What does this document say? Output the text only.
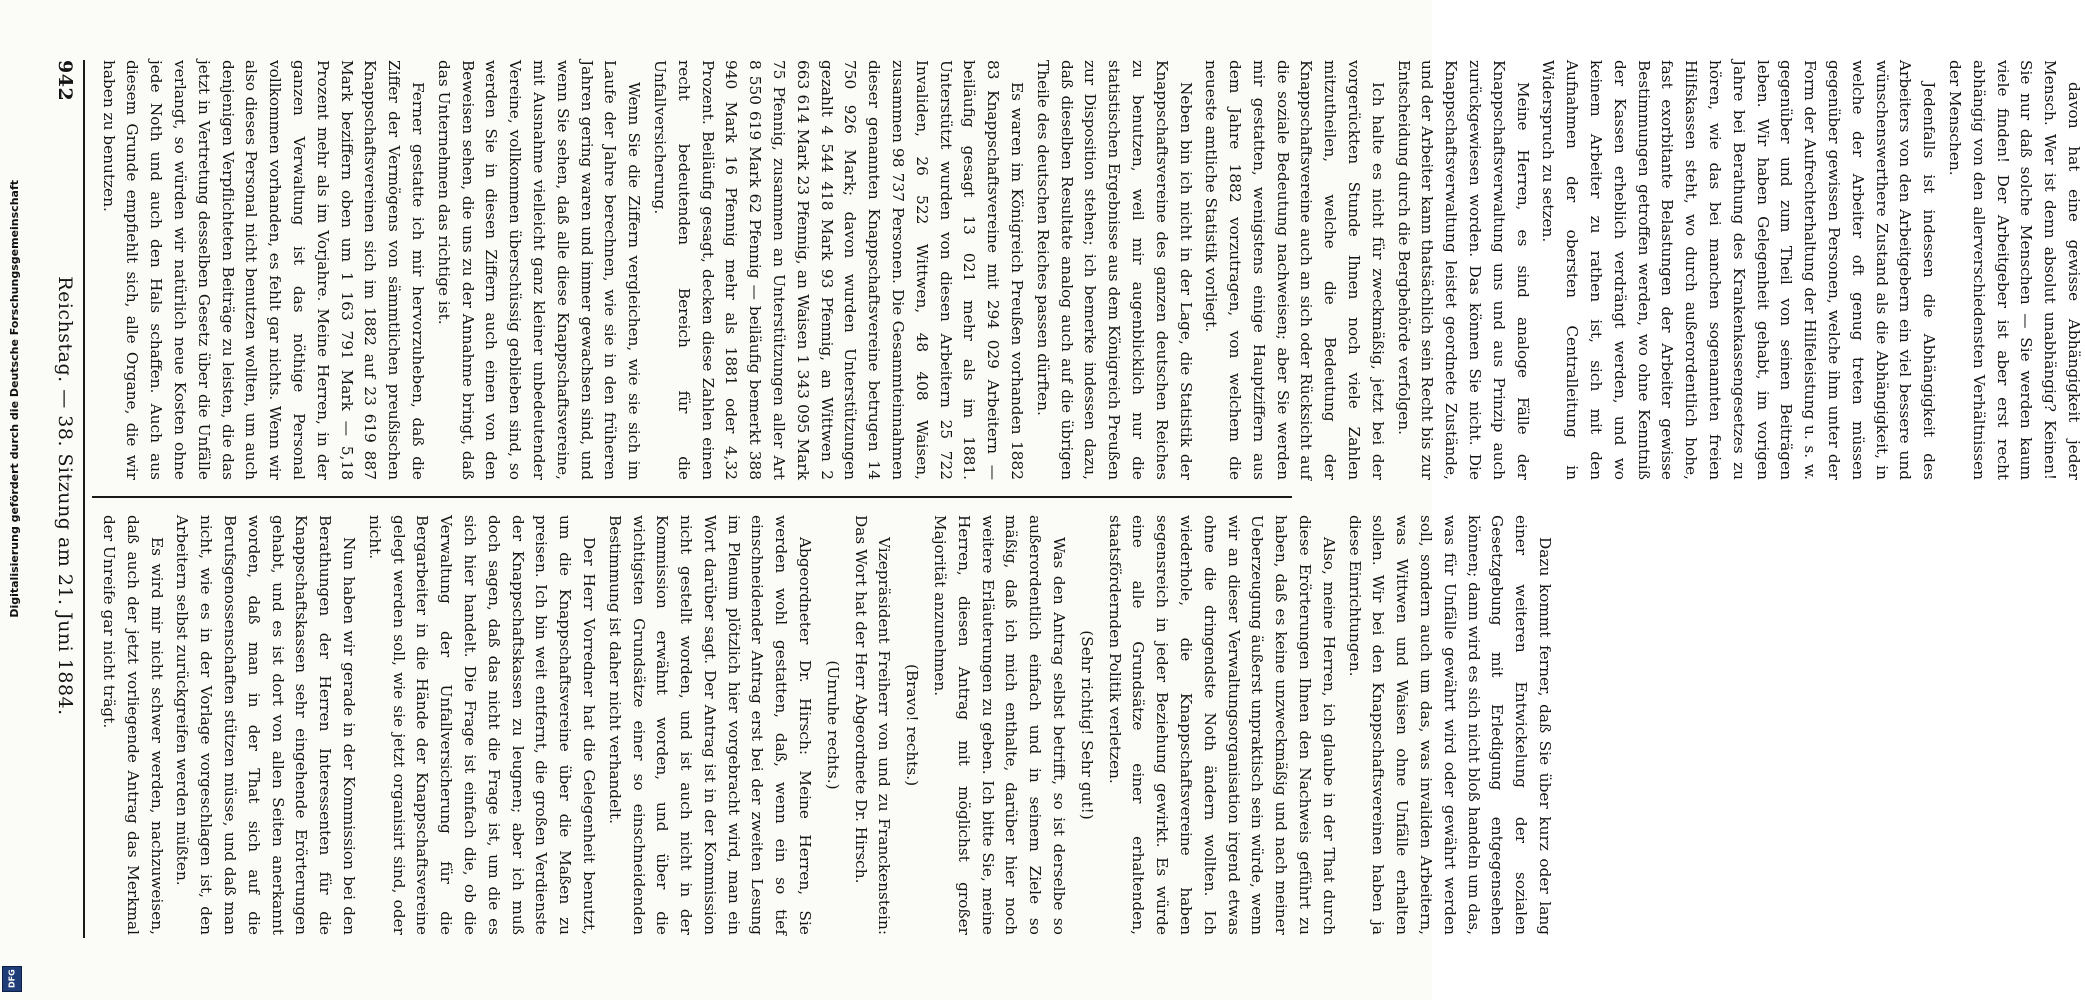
942
Reichstag. — 38. Sitzung am 21. Juni 1884.	davon hat eine gewisse Abhängigkeit jeder Mensch. Wer ist denn absolut unabhängig? Keinen! Sie nur daß solche Menschen — Sie werden kaum viele finden! Der Arbeitgeber ist aber erst recht abhängig von den allerverschiedensten Verhältnissen der Menschen.

Jedenfalls ist indessen die Abhängigkeit des Arbeiters von den Arbeitgebern ein viel bessere und wünschenswerthere Zustand als die Abhängigkeit, in welche der Arbeiter oft genug treten müssen gegenüber gewissen Personen, welche ihm unter der Form der Aufrechterhaltung der Hilfeleistung u. s. w. gegenüber und zum Theil von seinen Beiträgen leben. Wir haben Gelegenheit gehabt, im vorigen Jahre bei Berathung des Krankenkassengesetzes zu hören, wie das bei manchen sogenannten freien Hilfskassen steht, wo durch außerordentlich hohe, fast exorbitante Belastungen der Arbeiter gewisse Bestimmungen getroffen werden, wo ohne Kenntniß der Kassen erheblich verdrängt werden, und wo keinem Arbeiter zu rathen ist, sich mit den Aufnahmen der obersten Centralleitung in Widerspruch zu setzen.

Meine Herren, es sind analoge Fälle der Knappschaftsverwaltung uns und aus Prinzip auch zurückgewiesen worden. Das können Sie nicht. Die Knappschaftsverwaltung leistet geordnete Zustände, und der Arbeiter kann thatsächlich sein Recht bis zur Entscheidung durch die Bergbehörde verfolgen.

Ich halte es nicht für zweckmäßig, jetzt bei der vorgerückten Stunde Ihnen noch viele Zahlen mitzutheilen, welche die Bedeutung der Knappschaftsvereine auch an sich oder Rücksicht auf die soziale Bedeutung nachweisen; aber Sie werden mir gestatten, wenigstens einige Hauptziffern aus dem Jahre 1882 vorzutragen, von welchem die neueste amtliche Statistik vorliegt.

Neben bin ich nicht in der Lage, die Statistik der Knappschaftsvereine des ganzen deutschen Reiches zu benutzen, weil mir augenblicklich nur die statistischen Ergebnisse aus dem Königreich Preußen zur Disposition stehen; ich bemerke indessen dazu, daß dieselben Resultate analog auch auf die übrigen Theile des deutschen Reiches passen dürften.

Es waren im Königreich Preußen vorhanden 1882 83 Knappschaftsvereine mit 294 029 Arbeitern — beiläufig gesagt 13 021 mehr als im 1881. Unterstützt wurden von diesen Arbeitern 25 722 Invaliden, 26 522 Wittwen, 48 408 Waisen, zusammen 98 737 Personen. Die Gesammteinnahmen dieser genannten Knappschaftsvereine betrugen 14 750 926 Mark; davon wurden Unterstützungen gezahlt 4 544 418 Mark 93 Pfennig, an Wittwen 2 663 614 Mark 23 Pfennig, an Waisen 1 343 095 Mark 75 Pfennig, zusammen an Unterstützungen aller Art 8 550 619 Mark 62 Pfennig — beiläufig bemerkt 388 940 Mark 16 Pfennig mehr als 1881 oder 4,32 Prozent. Beiläufig gesagt, decken diese Zahlen einen recht bedeutenden Bereich für die Unfallversicherung.

Wenn Sie die Ziffern vergleichen, wie sie sich im Laufe der Jahre berechnen, wie sie in den früheren Jahren gering waren und immer gewachsen sind, und wenn Sie sehen, daß alle diese Knappschaftsvereine, mit Ausnahme vielleicht ganz kleiner unbedeutender Vereine, vollkommen überschüssig geblieben sind, so werden Sie in diesen Ziffern auch einen von den Beweisen sehen, die uns zu der Annahme bringt, daß das Unternehmen das richtige ist.

Ferner gestatte ich mir hervorzuheben, daß die Ziffer der Vermögens von sämmtlichen preußischen Knappschaftsvereinen sich im 1882 auf 23 619 887 Mark beziffern oben um 1 163 791 Mark — 5,18 Prozent mehr als im Vorjahre. Meine Herren, in der ganzen Verwaltung ist das nöthige Personal vollkommen vorhanden, es fehlt gar nichts. Wenn wir also dieses Personal nicht benutzen wollten, um auch denjenigen Verpflichteten Beiträge zu leisten, die das jetzt in Vertretung desselben Gesetz über die Unfälle verlangt, so würden wir natürlich neue Kosten ohne jede Noth und auch den Hals schaffen. Auch aus diesem Grunde empfiehlt sich, alle Organe, die wir haben zu benutzen.

Dazu kommt ferner, daß Sie über kurz oder lang einer weiteren Entwickelung der sozialen Gesetzgebung mit Erledigung entgegensehen können; dann wird es sich nicht bloß handeln um das, was für Unfälle gewährt wird oder gewährt werden soll, sondern auch um das, was invaliden Arbeitern, was Wittwen und Waisen ohne Unfälle erhalten sollen. Wir bei den Knappschaftsvereinen haben ja diese Einrichtungen.

Also, meine Herren, ich glaube in der That durch diese Erörterungen Ihnen den Nachweis geführt zu haben, daß es keine unzweckmäßig und nach meiner Ueberzeugung äußerst unpraktisch sein würde, wenn wir an dieser Verwaltungsorganisation irgend etwas ohne die dringendste Noth ändern wollten. Ich wiederhole, die Knappschaftsvereine haben segensreich in jeder Beziehung gewirkt. Es würde eine alle Grundsätze einer erhaltenden, staatsfördernden Politik verletzen.

(Sehr richtig! Sehr gut!)

Was den Antrag selbst betrifft, so ist derselbe so außerordentlich einfach und in seinem Ziele so mäßig, daß ich mich enthalte, darüber hier noch weitere Erläuterungen zu geben. Ich bitte Sie, meine Herren, diesen Antrag mit möglichst großer Majorität anzunehmen.

(Bravo! rechts.)

Vizepräsident Freiherr von und zu Franckenstein: Das Wort hat der Herr Abgeordnete Dr. Hirsch.

(Unruhe rechts.)

Abgeordneter Dr. Hirsch: Meine Herren, Sie werden wohl gestatten, daß, wenn ein so tief einschneidender Antrag erst bei der zweiten Lesung im Plenum plötzlich hier vorgebracht wird, man ein Wort darüber sagt. Der Antrag ist in der Kommission nicht gestellt worden, und ist auch nicht in der Kommission erwähnt worden, und über die wichtigsten Grundsätze einer so einschneidenden Bestimmung ist daher nicht verhandelt.

Der Herr Vorredner hat die Gelegenheit benutzt, um die Knappschaftsvereine über die Maßen zu preisen. Ich bin weit entfernt, die großen Verdienste der Knappschaftskassen zu leugnen; aber ich muß doch sagen, daß das nicht die Frage ist, um die es sich hier handelt. Die Frage ist einfach die, ob die Verwaltung der Unfallversicherung für die Bergarbeiter in die Hände der Knappschaftsvereine gelegt werden soll, wie sie jetzt organisirt sind, oder nicht.

Nun haben wir gerade in der Kommission bei den Berathungen der Herren Interessenten für die Knappschaftskassen sehr eingehende Erörterungen gehabt, und es ist dort von allen Seiten anerkannt worden, daß man in der That sich auf die Berufsgenossenschaften stützen müsse, und daß man nicht, wie es in der Vorlage vorgeschlagen ist, den Arbeitern selbst zurückgreifen werden müßten.

Es wird mir nicht schwer werden, nachzuweisen, daß auch der jetzt vorliegende Antrag das Merkmal der Unreife gar nicht trägt.

Digitalisierung gefördert durch die Deutsche Forschungsgemeinschaft
DFG
